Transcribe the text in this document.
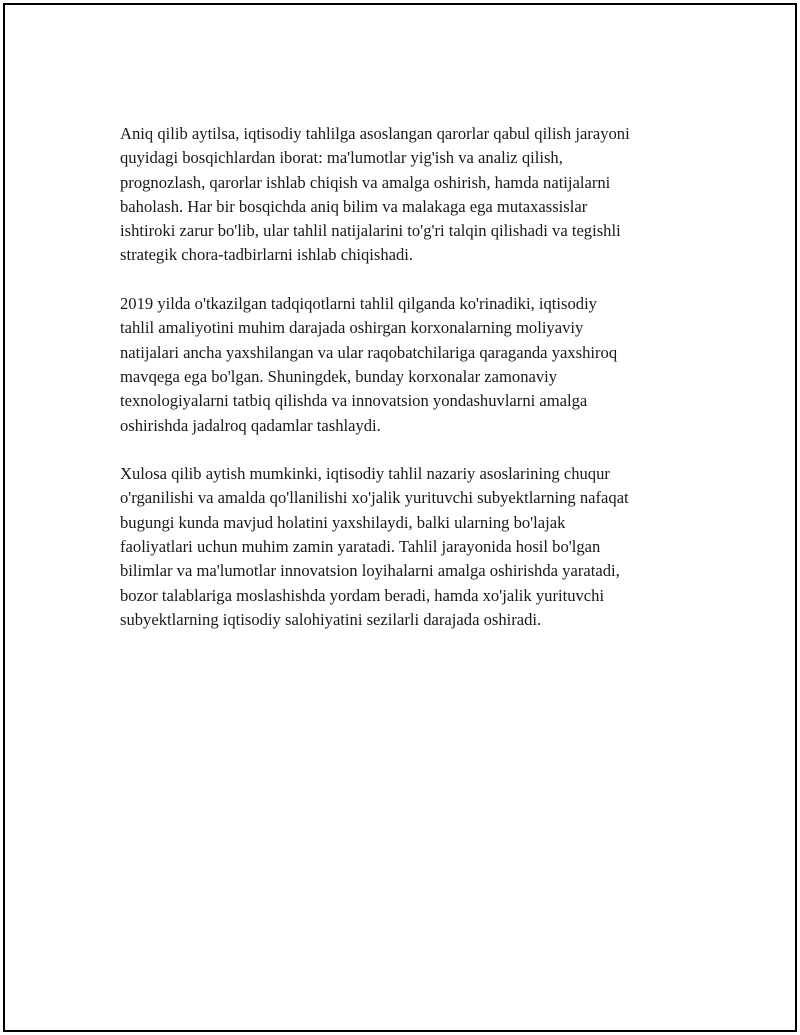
Aniq qilib aytilsa, iqtisodiy tahlilga asoslangan qarorlar qabul qilish jarayoni
quyidagi bosqichlardan iborat: ma'lumotlar yig'ish va analiz qilish,
prognozlash, qarorlar ishlab chiqish va amalga oshirish, hamda natijalarni
baholash. Har bir bosqichda aniq bilim va malakaga ega mutaxassislar
ishtiroki zarur bo'lib, ular tahlil natijalarini to'g'ri talqin qilishadi va tegishli
strategik chora-tadbirlarni ishlab chiqishadi.

2019 yilda o'tkazilgan tadqiqotlarni tahlil qilganda ko'rinadiki, iqtisodiy
tahlil amaliyotini muhim darajada oshirgan korxonalarning moliyaviy
natijalari ancha yaxshilangan va ular raqobatchilariga qaraganda yaxshiroq
mavqega ega bo'lgan. Shuningdek, bunday korxonalar zamonaviy
texnologiyalarni tatbiq qilishda va innovatsion yondashuvlarni amalga
oshirishda jadalroq qadamlar tashlaydi.

Xulosa qilib aytish mumkinki, iqtisodiy tahlil nazariy asoslarining chuqur
o'rganilishi va amalda qo'llanilishi xo'jalik yurituvchi subyektlarning nafaqat
bugungi kunda mavjud holatini yaxshilaydi, balki ularning bo'lajak
faoliyatlari uchun muhim zamin yaratadi. Tahlil jarayonida hosil bo'lgan
bilimlar va ma'lumotlar innovatsion loyihalarni amalga oshirishda yaratadi,
bozor talablariga moslashishda yordam beradi, hamda xo'jalik yurituvchi
subyektlarning iqtisodiy salohiyatini sezilarli darajada oshiradi.
